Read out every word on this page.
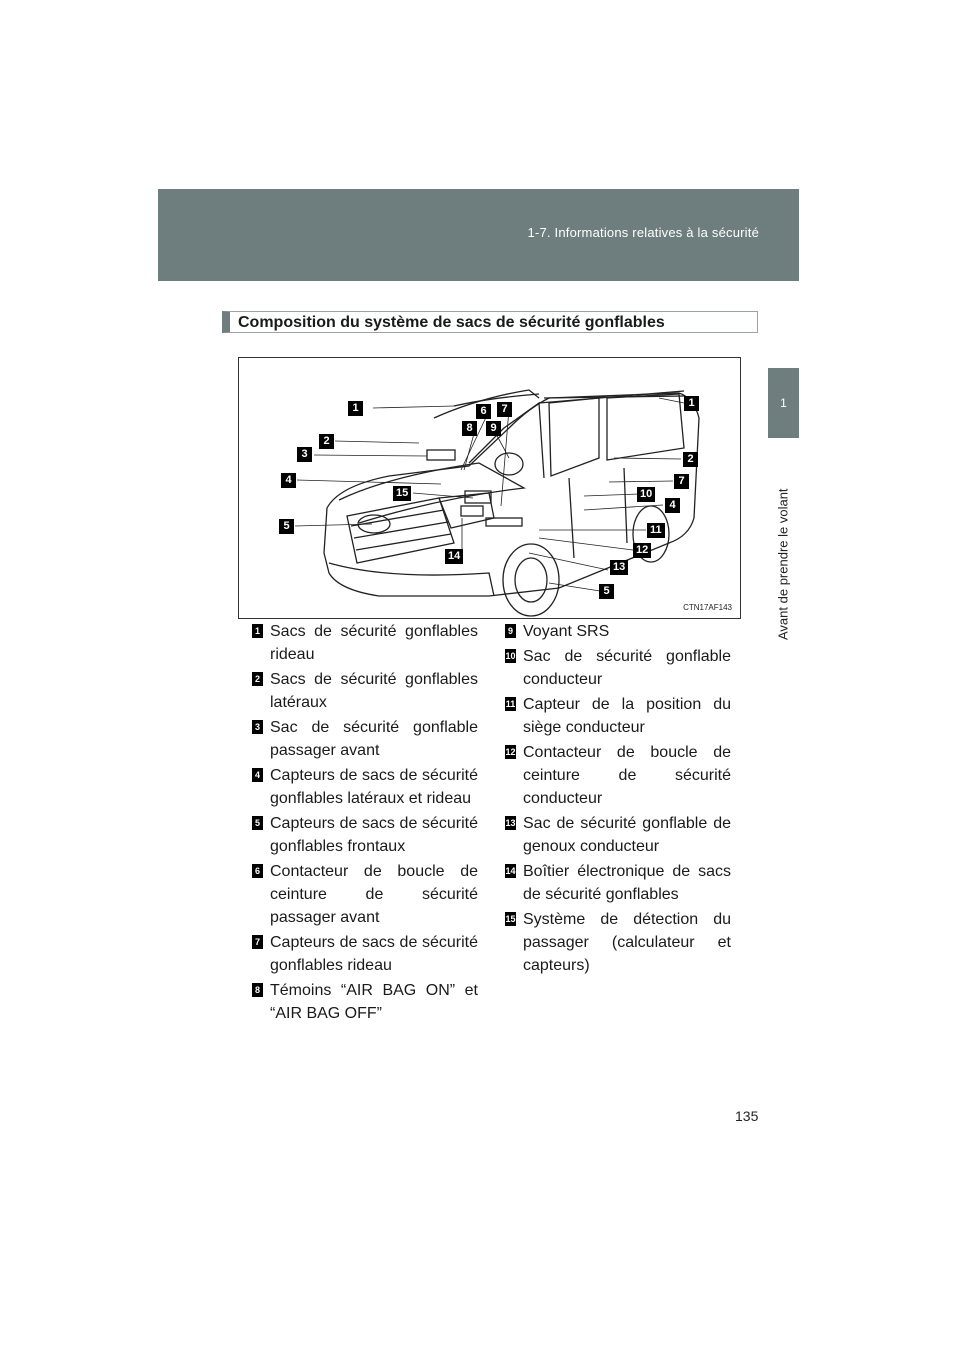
1-7. Informations relatives à la sécurité
1
Avant de prendre le volant
Composition du système de sacs de sécurité gonflables
1	6	7	1
8	9
2
2
3
4
15
7
10
4
5	11
12
14
13
5
CTN17AF143
1 Sacs de sécurité gonflables rideau
2 Sacs de sécurité gonflables latéraux
3 Sac de sécurité gonflable passager avant
4 Capteurs de sacs de sécurité gonflables latéraux et rideau
5 Capteurs de sacs de sécurité gonflables frontaux
6 Contacteur de boucle de ceinture de sécurité passager avant
7 Capteurs de sacs de sécurité gonflables rideau
8 Témoins “AIR BAG ON” et “AIR BAG OFF”
9 Voyant SRS
10 Sac de sécurité gonflable conducteur
11 Capteur de la position du siège conducteur
12 Contacteur de boucle de ceinture de sécurité conducteur
13 Sac de sécurité gonflable de genoux conducteur
14 Boîtier électronique de sacs de sécurité gonflables
15 Système de détection du passager (calculateur et capteurs)
135
